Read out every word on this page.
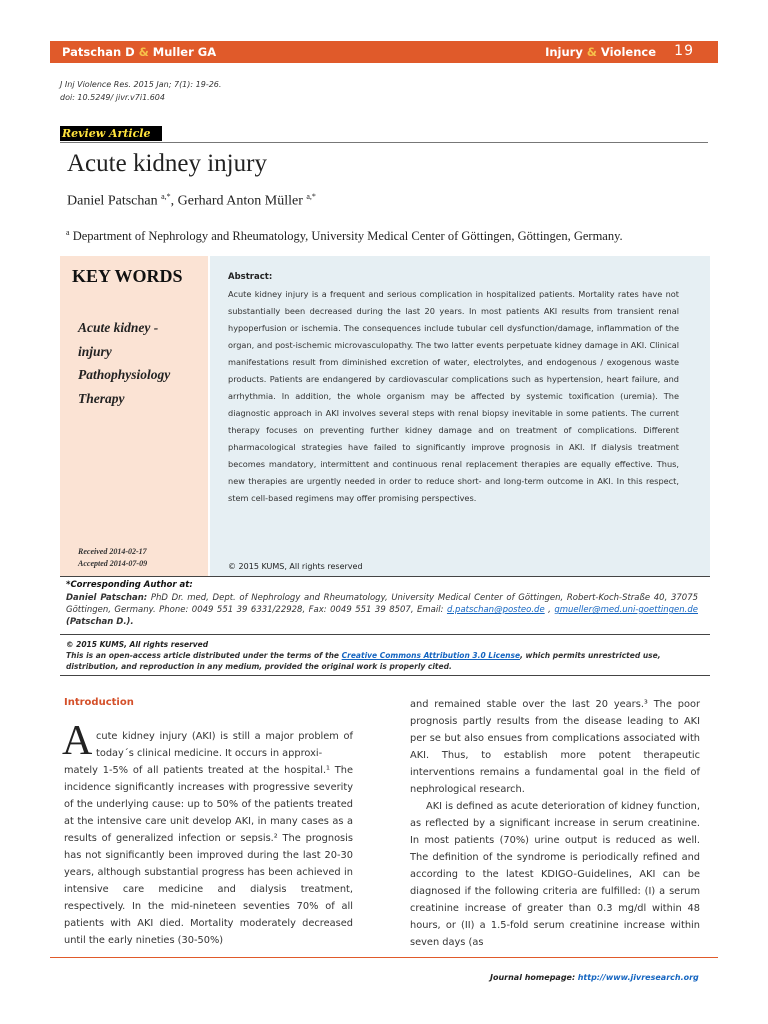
Patschan D & Muller GA	Injury & Violence 19
J Inj Violence Res. 2015 Jan; 7(1): 19-26.
doi: 10.5249/ jivr.v7i1.604
Review Article
Acute kidney injury
Daniel Patschan $^{a,*}$, Gerhard Anton Müller $^{a,*}$
$^a$ Department of Nephrology and Rheumatology, University Medical Center of Göttingen, Göttingen, Germany.
KEY WORDS
Acute kidney -
injury
Pathophysiology
Therapy
Received 2014-02-17
Accepted 2014-07-09
Abstract:
Acute kidney injury is a frequent and serious complication in hospitalized patients. Mortality rates have not substantially been decreased during the last 20 years. In most patients AKI results from transient renal hypoperfusion or ischemia. The consequences include tubular cell dysfunction/damage, inflammation of the organ, and post-ischemic microvasculopathy. The two latter events perpetuate kidney damage in AKI. Clinical manifestations result from diminished excretion of water, electrolytes, and endogenous / exogenous waste products. Patients are endangered by cardiovascular complications such as hypertension, heart failure, and arrhythmia. In addition, the whole organism may be affected by systemic toxification (uremia). The diagnostic approach in AKI involves several steps with renal biopsy inevitable in some patients. The current therapy focuses on preventing further kidney damage and on treatment of complications. Different pharmacological strategies have failed to significantly improve prognosis in AKI. If dialysis treatment becomes mandatory, intermittent and continuous renal replacement therapies are equally effective. Thus, new therapies are urgently needed in order to reduce short- and long-term outcome in AKI. In this respect, stem cell-based regimens may offer promising perspectives.
© 2015 KUMS, All rights reserved
*Corresponding Author at:
Daniel Patschan: PhD Dr. med, Dept. of Nephrology and Rheumatology, University Medical Center of Göttingen, Robert-Koch-Straße 40, 37075 Göttingen, Germany. Phone: 0049 551 39 6331/22928, Fax: 0049 551 39 8507, Email: d.patschan@posteo.de , gmueller@med.uni-goettingen.de (Patschan D.).
© 2015 KUMS, All rights reserved
This is an open-access article distributed under the terms of the Creative Commons Attribution 3.0 License, which permits unrestricted use, distribution, and reproduction in any medium, provided the original work is properly cited.
Introduction
A cute kidney injury (AKI) is still a major problem of today´s clinical medicine. It occurs in approxi-
mately 1-5% of all patients treated at the hospital.¹ The incidence significantly increases with progressive severity of the underlying cause: up to 50% of the patients treated at the intensive care unit develop AKI, in many cases as a results of generalized infection or sepsis.² The prognosis has not significantly been improved during the last 20-30 years, although substantial progress has been achieved in intensive care medicine and dialysis treatment, respectively. In the mid-nineteen seventies 70% of all patients with AKI died. Mortality moderately decreased until the early nineties (30-50%)
and remained stable over the last 20 years.³ The poor prognosis partly results from the disease leading to AKI per se but also ensues from complications associated with AKI. Thus, to establish more potent therapeutic interventions remains a fundamental goal in the field of nephrological research.
AKI is defined as acute deterioration of kidney function, as reflected by a significant increase in serum creatinine. In most patients (70%) urine output is reduced as well. The definition of the syndrome is periodically refined and according to the latest KDIGO-Guidelines, AKI can be diagnosed if the following criteria are fulfilled: (I) a serum creatinine increase of greater than 0.3 mg/dl within 48 hours, or (II) a 1.5-fold serum creatinine increase within seven days (as
Journal homepage: http://www.jivresearch.org
